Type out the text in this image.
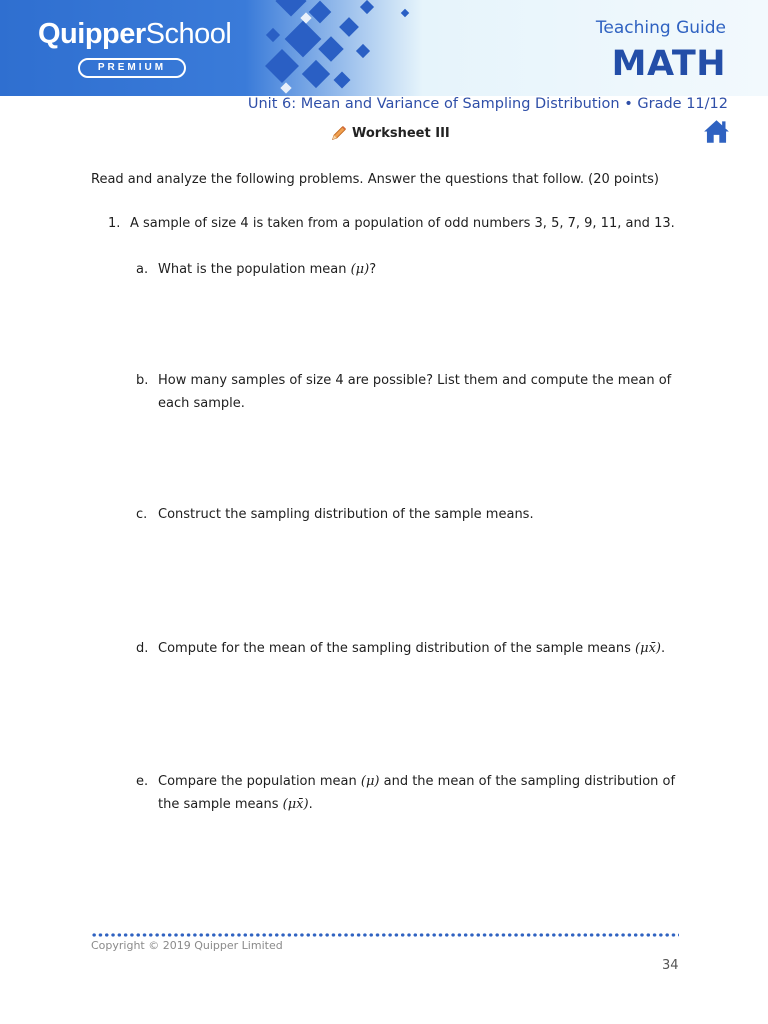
QuipperSchool
PREMIUM
Teaching Guide
MATH
Unit 6: Mean and Variance of Sampling Distribution • Grade 11/12
Worksheet III
Read and analyze the following problems. Answer the questions that follow. (20 points)
1. A sample of size 4 is taken from a population of odd numbers 3, 5, 7, 9, 11, and 13.
a. What is the population mean (μ)?
b. How many samples of size 4 are possible? List them and compute the mean of each sample.
c. Construct the sampling distribution of the sample means.
d. Compute for the mean of the sampling distribution of the sample means (μx̄).
e. Compare the population mean (μ) and the mean of the sampling distribution of the sample means (μx̄).
Copyright © 2019 Quipper Limited
34
